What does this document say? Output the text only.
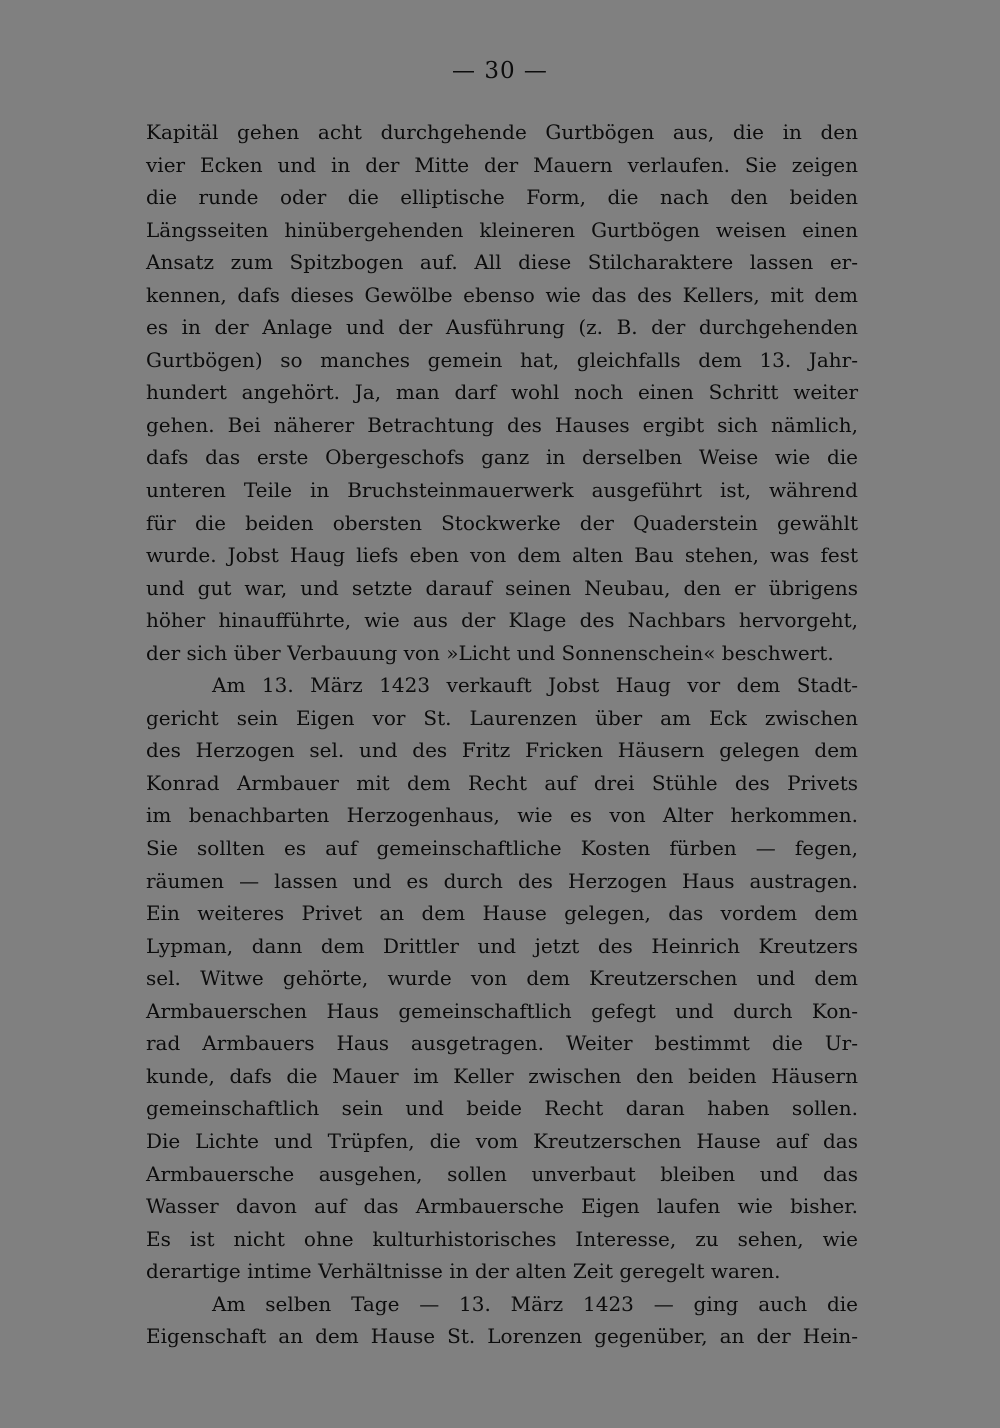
— 30 —
Kapitäl gehen acht durchgehende Gurtbögen aus, die in den
vier Ecken und in der Mitte der Mauern verlaufen. Sie zeigen
die runde oder die elliptische Form, die nach den beiden
Längsseiten hinübergehenden kleineren Gurtbögen weisen einen
Ansatz zum Spitzbogen auf. All diese Stilcharaktere lassen er-
kennen, dafs dieses Gewölbe ebenso wie das des Kellers, mit dem
es in der Anlage und der Ausführung (z. B. der durchgehenden
Gurtbögen) so manches gemein hat, gleichfalls dem 13. Jahr-
hundert angehört. Ja, man darf wohl noch einen Schritt weiter
gehen. Bei näherer Betrachtung des Hauses ergibt sich nämlich,
dafs das erste Obergeschofs ganz in derselben Weise wie die
unteren Teile in Bruchsteinmauerwerk ausgeführt ist, während
für die beiden obersten Stockwerke der Quaderstein gewählt
wurde. Jobst Haug liefs eben von dem alten Bau stehen, was fest
und gut war, und setzte darauf seinen Neubau, den er übrigens
höher hinaufführte, wie aus der Klage des Nachbars hervorgeht,
der sich über Verbauung von »Licht und Sonnenschein« beschwert.
Am 13. März 1423 verkauft Jobst Haug vor dem Stadt-
gericht sein Eigen vor St. Laurenzen über am Eck zwischen
des Herzogen sel. und des Fritz Fricken Häusern gelegen dem
Konrad Armbauer mit dem Recht auf drei Stühle des Privets
im benachbarten Herzogenhaus, wie es von Alter herkommen.
Sie sollten es auf gemeinschaftliche Kosten fürben — fegen,
räumen — lassen und es durch des Herzogen Haus austragen.
Ein weiteres Privet an dem Hause gelegen, das vordem dem
Lypman, dann dem Drittler und jetzt des Heinrich Kreutzers
sel. Witwe gehörte, wurde von dem Kreutzerschen und dem
Armbauerschen Haus gemeinschaftlich gefegt und durch Kon-
rad Armbauers Haus ausgetragen. Weiter bestimmt die Ur-
kunde, dafs die Mauer im Keller zwischen den beiden Häusern
gemeinschaftlich sein und beide Recht daran haben sollen.
Die Lichte und Trüpfen, die vom Kreutzerschen Hause auf das
Armbauersche ausgehen, sollen unverbaut bleiben und das
Wasser davon auf das Armbauersche Eigen laufen wie bisher.
Es ist nicht ohne kulturhistorisches Interesse, zu sehen, wie
derartige intime Verhältnisse in der alten Zeit geregelt waren.
Am selben Tage — 13. März 1423 — ging auch die
Eigenschaft an dem Hause St. Lorenzen gegenüber, an der Hein-
